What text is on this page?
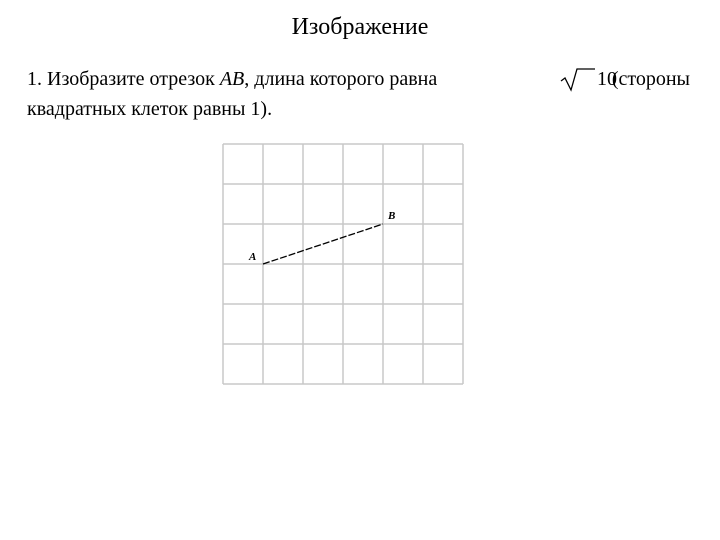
Изображение
1. Изобразите отрезок AB, длина которого равна	10
(стороны
квадратных клеток равны 1).
A
B
